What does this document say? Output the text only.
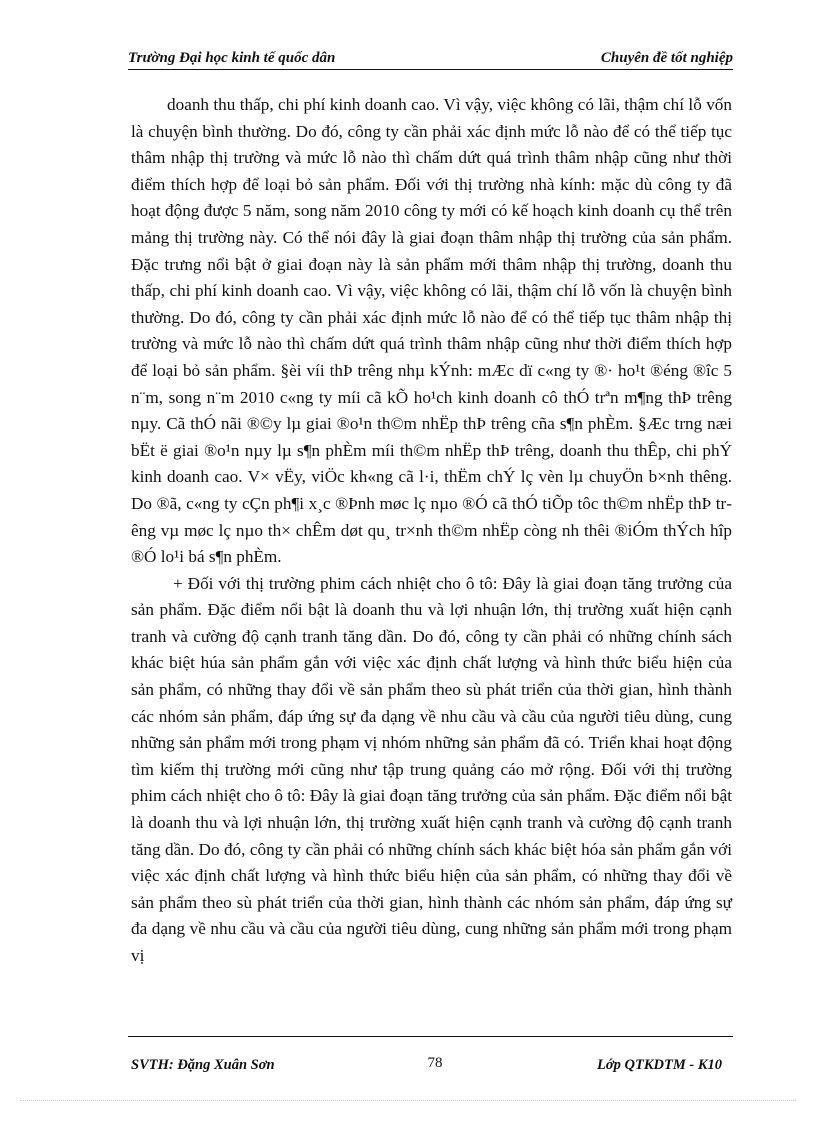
Trường Đại học kinh tế quốc dân	Chuyên đề tốt nghiệp

doanh thu thấp, chi phí kinh doanh cao. Vì vậy, việc không có lãi, thậm chí lỗ vốn là chuyện bình thường. Do đó, công ty cần phải xác định mức lỗ nào để có thể tiếp tục thâm nhập thị trường và mức lỗ nào thì chấm dứt quá trình thâm nhập cũng như thời điểm thích hợp để loại bỏ sản phẩm. Đối với thị trường nhà kính: mặc dù công ty đã hoạt động được 5 năm, song năm 2010 công ty mới có kế hoạch kinh doanh cụ thể trên mảng thị trường này. Có thể nói đây là giai đoạn thâm nhập thị trường của sản phẩm. Đặc trưng nổi bật ở giai đoạn này là sản phẩm mới thâm nhập thị trường, doanh thu thấp, chi phí kinh doanh cao. Vì vậy, việc không có lãi, thậm chí lỗ vốn là chuyện bình thường. Do đó, công ty cần phải xác định mức lỗ nào để có thể tiếp tục thâm nhập thị trường và mức lỗ nào thì chấm dứt quá trình thâm nhập cũng như thời điểm thích hợp để loại bỏ sản phẩm. §èi víi thÞ trêng nhµ kÝnh: mÆc dï c«ng ty ®· ho¹t ®éng ®îc 5 n¨m, song n¨m 2010 c«ng ty míi cã kÕ ho¹ch kinh doanh cô thÓ trªn m¶ng thÞ trêng nµy. Cã thÓ nãi ®©y lµ giai ®o¹n th©m nhËp thÞ trêng cña s¶n phÈm. §Æc trng næi bËt ë giai ®o¹n nµy lµ s¶n phÈm míi th©m nhËp thÞ trêng, doanh thu thÊp, chi phÝ kinh doanh cao. V× vËy, viÖc kh«ng cã l·i, thËm chÝ lç vèn lµ chuyÖn b×nh thêng. Do ®ã, c«ng ty cÇn ph¶i x¸c ®Þnh møc lç nµo ®Ó cã thÓ tiÕp tôc th©m nhËp thÞ trêng vµ møc lç nµo th× chÊm døt qu¸ tr×nh th©m nhËp còng nh thêi ®iÓm thÝch hîp ®Ó lo¹i bá s¶n phÈm.

+ Đối với thị trường phim cách nhiệt cho ô tô: Đây là giai đoạn tăng trưởng của sản phẩm. Đặc điểm nổi bật là doanh thu và lợi nhuận lớn, thị trường xuất hiện cạnh tranh và cường độ cạnh tranh tăng dần. Do đó, công ty cần phải có những chính sách khác biệt húa sản phẩm gắn với việc xác định chất lượng và hình thức biểu hiện của sản phẩm, có những thay đổi về sản phẩm theo sù phát triển của thời gian, hình thành các nhóm sản phẩm, đáp ứng sự đa dạng về nhu cầu và cầu của người tiêu dùng, cung những sản phẩm mới trong phạm vị nhóm những sản phẩm đã có. Triển khai hoạt động tìm kiếm thị trường mới cũng như tập trung quảng cáo mở rộng. Đối với thị trường phim cách nhiệt cho ô tô: Đây là giai đoạn tăng trưởng của sản phẩm. Đặc điểm nổi bật là doanh thu và lợi nhuận lớn, thị trường xuất hiện cạnh tranh và cường độ cạnh tranh tăng dần. Do đó, công ty cần phải có những chính sách khác biệt hóa sản phẩm gắn với việc xác định chất lượng và hình thức biểu hiện của sản phẩm, có những thay đổi về sản phẩm theo sù phát triển của thời gian, hình thành các nhóm sản phẩm, đáp ứng sự đa dạng về nhu cầu và cầu của người tiêu dùng, cung những sản phẩm mới trong phạm vị

SVTH: Đặng Xuân Sơn	78	Lớp QTKDTM - K10
